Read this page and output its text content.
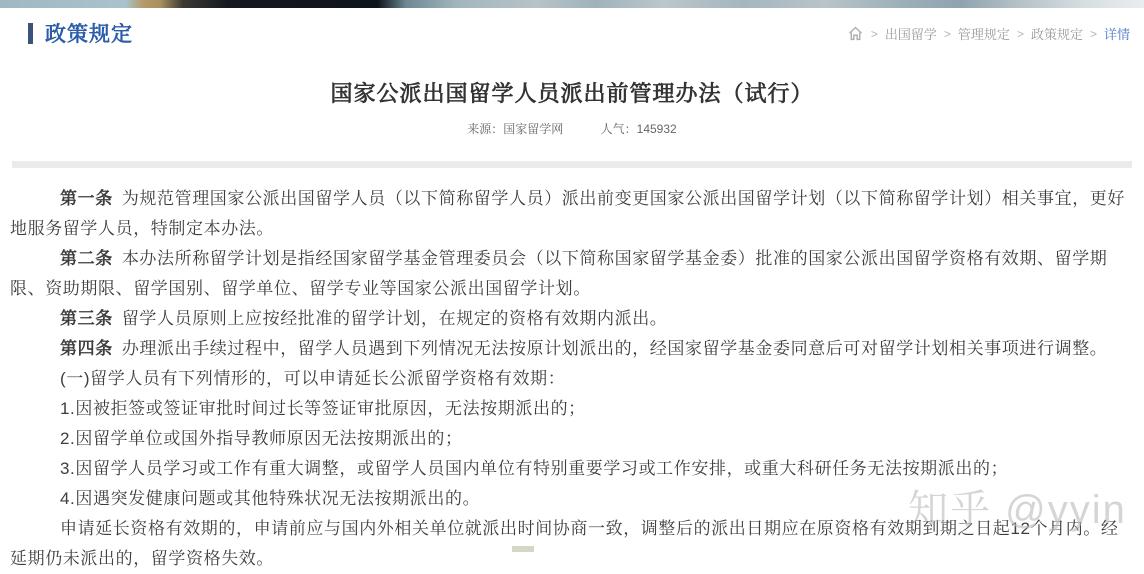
政策规定	> 出国留学 > 管理规定 > 政策规定 > 详情
国家公派出国留学人员派出前管理办法（试行）
来源：国家留学网	人气：145932

第一条 为规范管理国家公派出国留学人员（以下简称留学人员）派出前变更国家公派出国留学计划（以下简称留学计划）相关事宜，更好地服务留学人员，特制定本办法。

第二条 本办法所称留学计划是指经国家留学基金管理委员会（以下简称国家留学基金委）批准的国家公派出国留学资格有效期、留学期限、资助期限、留学国别、留学单位、留学专业等国家公派出国留学计划。

第三条 留学人员原则上应按经批准的留学计划，在规定的资格有效期内派出。

第四条 办理派出手续过程中，留学人员遇到下列情况无法按原计划派出的，经国家留学基金委同意后可对留学计划相关事项进行调整。

(一)留学人员有下列情形的，可以申请延长公派留学资格有效期：

1.因被拒签或签证审批时间过长等签证审批原因，无法按期派出的；

2.因留学单位或国外指导教师原因无法按期派出的；

3.因留学人员学习或工作有重大调整，或留学人员国内单位有特别重要学习或工作安排，或重大科研任务无法按期派出的；

4.因遇突发健康问题或其他特殊状况无法按期派出的。

申请延长资格有效期的，申请前应与国内外相关单位就派出时间协商一致，调整后的派出日期应在原资格有效期到期之日起12个月内。经延期仍未派出的，留学资格失效。

知乎 @yyin
